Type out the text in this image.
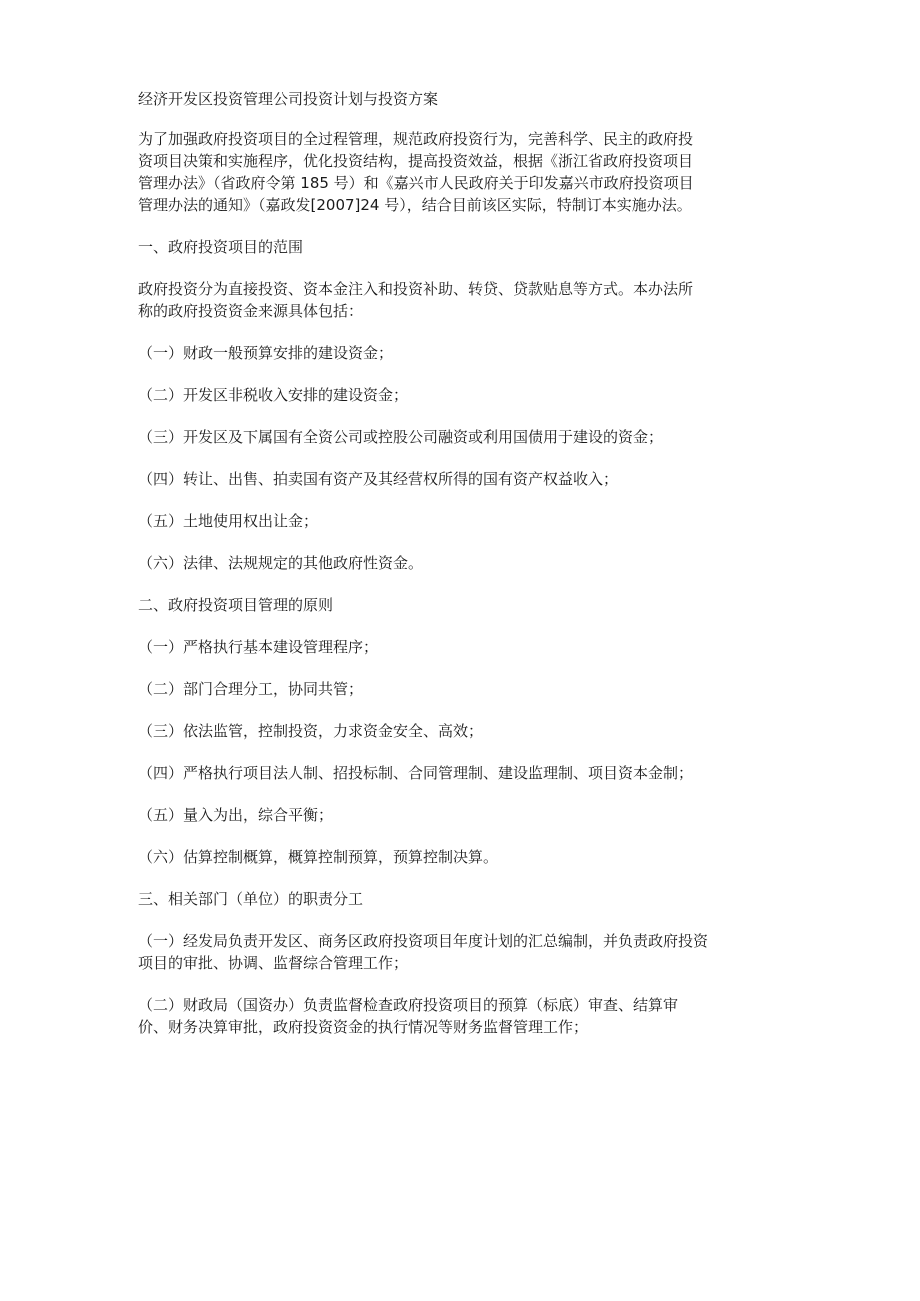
经济开发区投资管理公司投资计划与投资方案

为了加强政府投资项目的全过程管理，规范政府投资行为，完善科学、民主的政府投

资项目决策和实施程序，优化投资结构，提高投资效益，根据《浙江省政府投资项目

管理办法》（省政府令第 185 号）和《嘉兴市人民政府关于印发嘉兴市政府投资项目

管理办法的通知》（嘉政发[2007]24 号），结合目前该区实际，特制订本实施办法。

一、政府投资项目的范围

政府投资分为直接投资、资本金注入和投资补助、转贷、贷款贴息等方式。本办法所

称的政府投资资金来源具体包括：

（一）财政一般预算安排的建设资金；

（二）开发区非税收入安排的建设资金；

（三）开发区及下属国有全资公司或控股公司融资或利用国债用于建设的资金；

（四）转让、出售、拍卖国有资产及其经营权所得的国有资产权益收入；

（五）土地使用权出让金；

（六）法律、法规规定的其他政府性资金。

二、政府投资项目管理的原则

（一）严格执行基本建设管理程序；

（二）部门合理分工，协同共管；

（三）依法监管，控制投资，力求资金安全、高效；

（四）严格执行项目法人制、招投标制、合同管理制、建设监理制、项目资本金制；

（五）量入为出，综合平衡；

（六）估算控制概算，概算控制预算，预算控制决算。

三、相关部门（单位）的职责分工

（一）经发局负责开发区、商务区政府投资项目年度计划的汇总编制，并负责政府投资

项目的审批、协调、监督综合管理工作；

（二）财政局（国资办）负责监督检查政府投资项目的预算（标底）审查、结算审

价、财务决算审批，政府投资资金的执行情况等财务监督管理工作；
